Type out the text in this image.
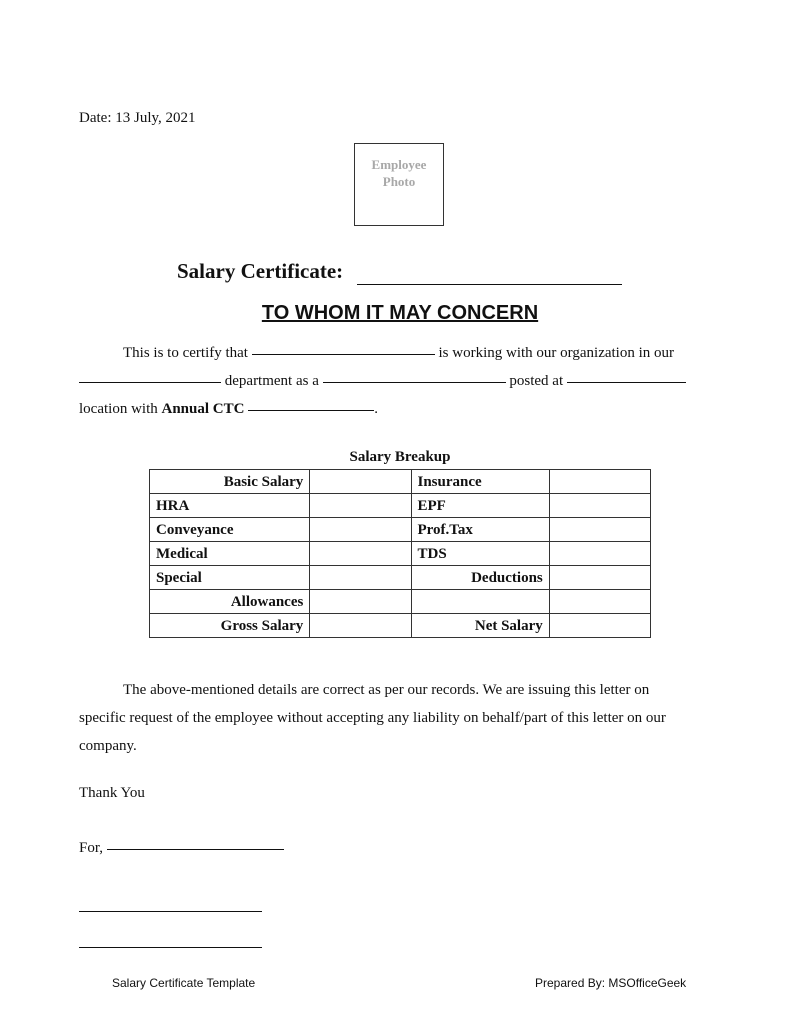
Date: 13 July, 2021
Employee
Photo
Salary Certificate:
TO WHOM IT MAY CONCERN
This is to certify that	is working with our organization in our
department as a	posted at
location with Annual CTC	.
Salary Breakup
Basic Salary		Insurance	
HRA		EPF	
Conveyance		Prof.Tax	
Medical		TDS	
Special		Deductions	
Allowances			
Gross Salary		Net Salary	
The above-mentioned details are correct as per our records. We are issuing this letter on
specific request of the employee without accepting any liability on behalf/part of this letter on our
company.
Thank You
For,
Salary Certificate Template	Prepared By: MSOfficeGeek
